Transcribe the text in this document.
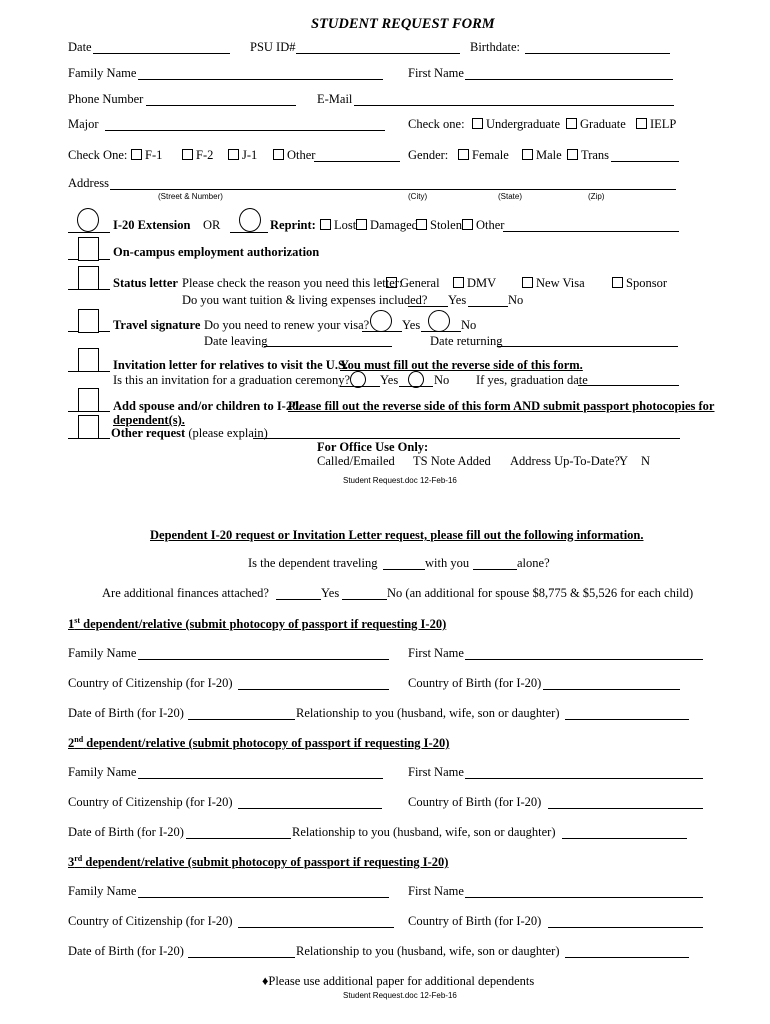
STUDENT REQUEST FORM
Date	PSU ID#	Birthdate:
Family Name	First Name
Phone Number	E-Mail
Major	Check one:	Undergraduate	Graduate	IELP
Check One:	F-1	F-2	J-1	Other	Gender:	Female	Male	Trans
Address
(Street & Number)	(City)	(State)	(Zip)
I-20 Extension OR	Reprint:	Lost	Damaged Stolen	Other
On-campus employment authorization
Status letter Please check the reason you need this letter:
General	DMV	New Visa	Sponsor
Do you want tuition & living expenses included? Yes	No
Travel signature Do you need to renew your visa?	Yes	No
Date leaving	Date returning
Invitation letter for relatives to visit the U.S.
You must fill out the reverse side of this form.
Is this an invitation for a graduation ceremony? Yes	No If yes, graduation date
Add spouse and/or children to I-20.
Please fill out the reverse side of this form AND submit passport photocopies for
dependent(s).
Other request (please explain)
For Office Use Only:
Called/Emailed TS Note Added Address Up-To-Date? Y N
Student Request.doc 12-Feb-16
Dependent I-20 request or Invitation Letter request, please fill out the following information.
Is the dependent traveling	with you	alone?
Are additional finances attached?	Yes	No (an additional for spouse $8,775 & $5,526 for each child)
1st dependent/relative (submit photocopy of passport if requesting I-20)
Family Name	First Name
Country of Citizenship (for I-20)	Country of Birth (for I-20)
Date of Birth (for I-20)	Relationship to you (husband, wife, son or daughter)
2nd dependent/relative (submit photocopy of passport if requesting I-20)
Family Name	First Name
Country of Citizenship (for I-20)	Country of Birth (for I-20)
Date of Birth (for I-20)	Relationship to you (husband, wife, son or daughter)
3rd dependent/relative (submit photocopy of passport if requesting I-20)
Family Name	First Name
Country of Citizenship (for I-20)	Country of Birth (for I-20)
Date of Birth (for I-20)	Relationship to you (husband, wife, son or daughter)
♦Please use additional paper for additional dependents
Student Request.doc 12-Feb-16
